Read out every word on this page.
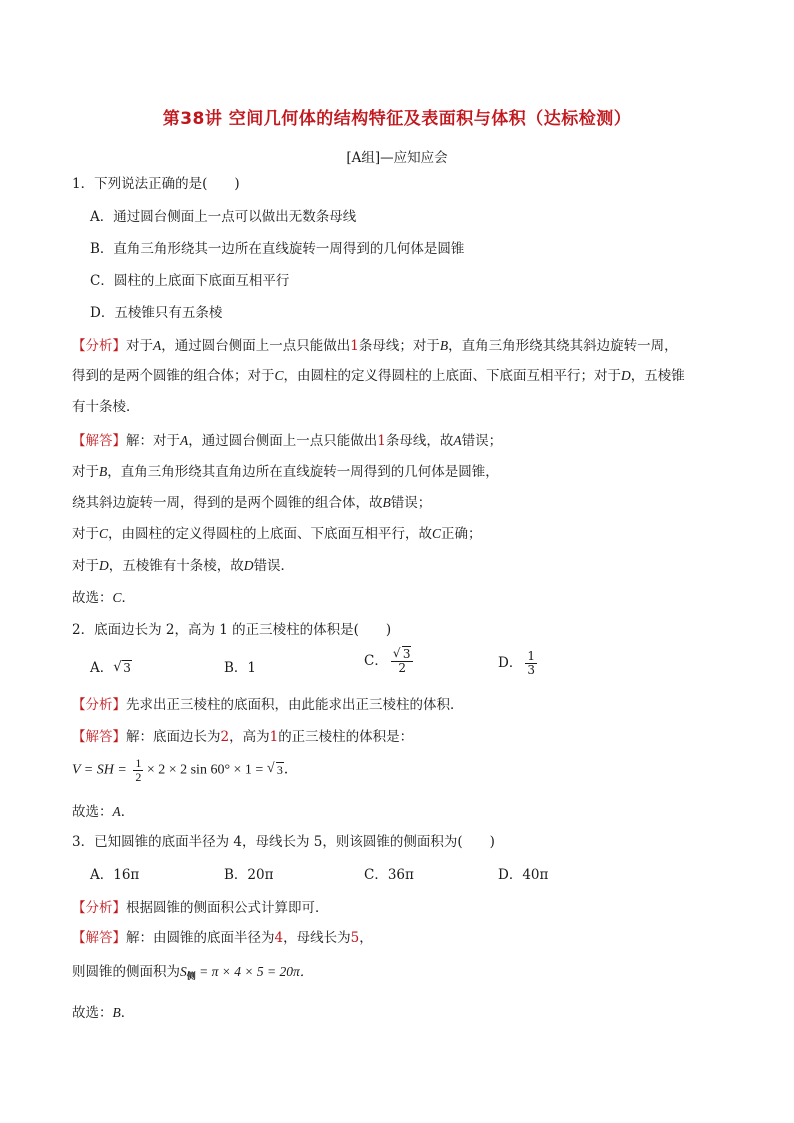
第38讲 空间几何体的结构特征及表面积与体积（达标检测）
[A组]—应知应会
1．下列说法正确的是(　　)
A．通过圆台侧面上一点可以做出无数条母线
B．直角三角形绕其一边所在直线旋转一周得到的几何体是圆锥
C．圆柱的上底面下底面互相平行
D．五棱锥只有五条棱
【分析】对于A，通过圆台侧面上一点只能做出1条母线；对于B，直角三角形绕其绕其斜边旋转一周，
得到的是两个圆锥的组合体；对于C，由圆柱的定义得圆柱的上底面、下底面互相平行；对于D，五棱锥
有十条棱．
【解答】解：对于A，通过圆台侧面上一点只能做出1条母线，故A错误；
对于B，直角三角形绕其直角边所在直线旋转一周得到的几何体是圆锥，
绕其斜边旋转一周，得到的是两个圆锥的组合体，故B错误；
对于C，由圆柱的定义得圆柱的上底面、下底面互相平行，故C正确；
对于D，五棱锥有十条棱，故D错误．
故选：C．
2．底面边长为 2，高为 1 的正三棱柱的体积是(　　)
A． √ 3	B．1	C． √ $\frac{3}{2}$	D． $\frac{1}{3}$
【分析】先求出正三棱柱的底面积，由此能求出正三棱柱的体积．
【解答】解：底面边长为2，高为1的正三棱柱的体积是：
V = SH = $\frac{1}{2} \times 2 \times 2$ sin 60° × 1 = √ 3．
故选：A．
3．已知圆锥的底面半径为 4，母线长为 5，则该圆锥的侧面积为(　　)
A．16π	B．20π	C．36π	D．40π
【分析】根据圆锥的侧面积公式计算即可．
【解答】解：由圆锥的底面半径为4，母线长为5，
则圆锥的侧面积为$S_侧 = \pi \times 4 \times 5 = 20\pi$．
故选：B．
